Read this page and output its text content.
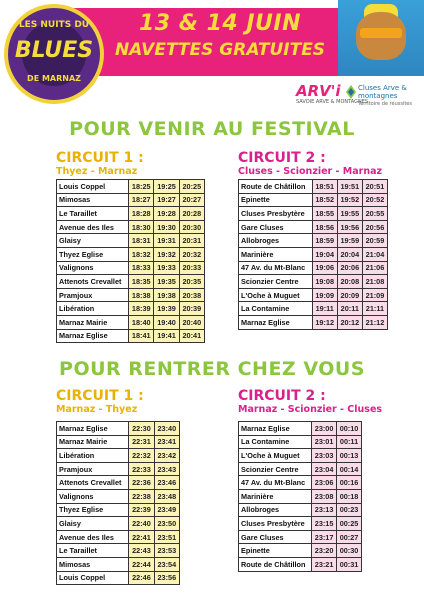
13 & 14 JUIN
NAVETTES GRATUITES
LES NUITS DU
BLUES
DE MARNAZ
ARV'i
SAVOIE ARVE & MONTAGNES
Cluses Arve & montagnes
Territoire de réussites
POUR VENIR AU FESTIVAL
CIRCUIT 1 :
Thyez - Marnaz
Louis Coppel	18:25	19:25	20:25
Mimosas	18:27	19:27	20:27
Le Taraillet	18:28	19:28	20:28
Avenue des Iles	18:30	19:30	20:30
Glaisy	18:31	19:31	20:31
Thyez Eglise	18:32	19:32	20:32
Valignons	18:33	19:33	20:33
Attenots Crevallet	18:35	19:35	20:35
Pramjoux	18:38	19:38	20:38
Libération	18:39	19:39	20:39
Marnaz Mairie	18:40	19:40	20:40
Marnaz Eglise	18:41	19:41	20:41
CIRCUIT 2 :
Cluses - Scionzier - Marnaz
Route de Châtillon	18:51	19:51	20:51
Epinette	18:52	19:52	20:52
Cluses Presbytère	18:55	19:55	20:55
Gare Cluses	18:56	19:56	20:56
Allobroges	18:59	19:59	20:59
Marinière	19:04	20:04	21:04
47 Av. du Mt-Blanc	19:06	20:06	21:06
Scionzier Centre	19:08	20:08	21:08
L'Oche à Muguet	19:09	20:09	21:09
La Contamine	19:11	20:11	21:11
Marnaz Eglise	19:12	20:12	21:12
POUR RENTRER CHEZ VOUS
CIRCUIT 1 :
Marnaz - Thyez
Marnaz Eglise	22:30	23:40
Marnaz Mairie	22:31	23:41
Libération	22:32	23:42
Pramjoux	22:33	23:43
Attenots Crevallet	22:36	23:46
Valignons	22:38	23:48
Thyez Eglise	22:39	23:49
Glaisy	22:40	23:50
Avenue des Iles	22:41	23:51
Le Taraillet	22:43	23:53
Mimosas	22:44	23:54
Louis Coppel	22:46	23:56
CIRCUIT 2 :
Marnaz - Scionzier - Cluses
Marnaz Eglise	23:00	00:10
La Contamine	23:01	00:11
L'Oche à Muguet	23:03	00:13
Scionzier Centre	23:04	00:14
47 Av. du Mt-Blanc	23:06	00:16
Marinière	23:08	00:18
Allobroges	23:13	00:23
Cluses Presbytère	23:15	00:25
Gare Cluses	23:17	00:27
Epinette	23:20	00:30
Route de Châtillon	23:21	00:31
